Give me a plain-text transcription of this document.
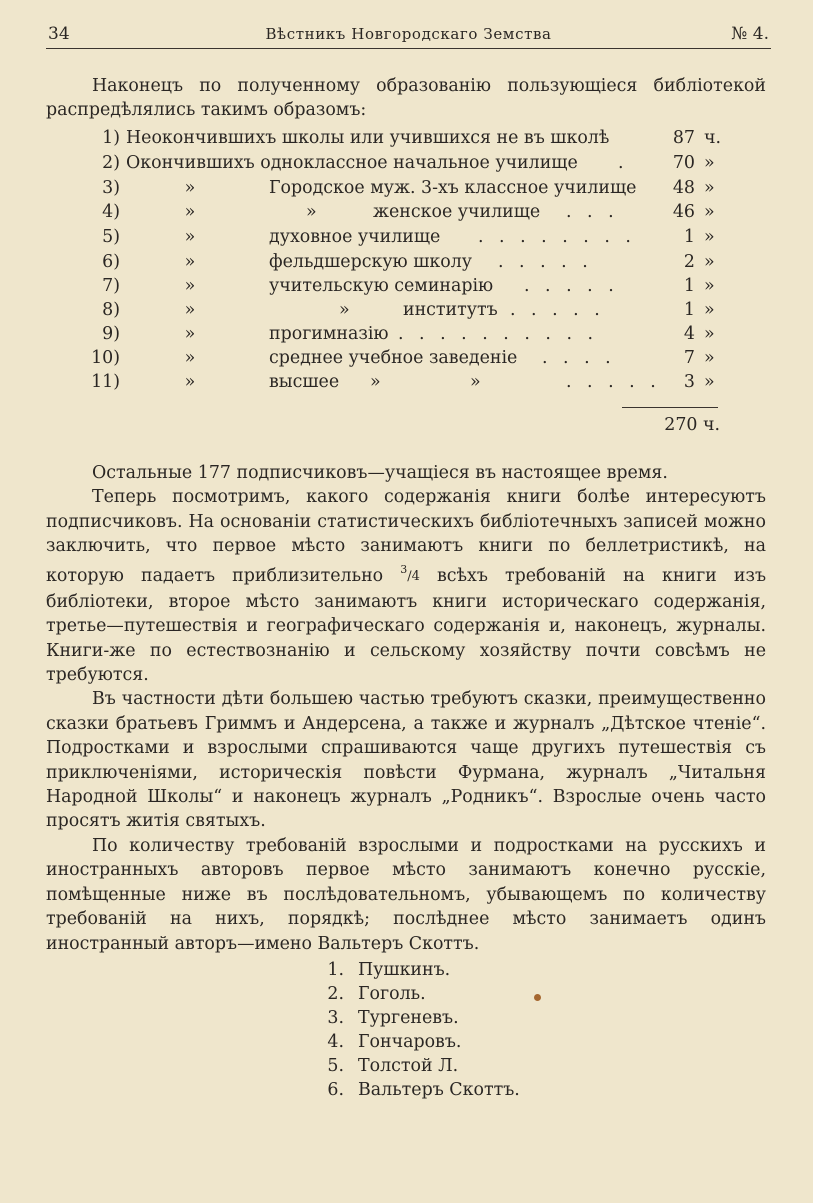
34	Вѣстникъ Новгородскаго Земства	№ 4.

Наконецъ по полученному образованію пользующіеся библіотекой распредѣлялись такимъ образомъ:

1) Неокончившихъ школы или учившихся не въ школѣ	87 ч.
2) Окончившихъ одноклассное начальное училище .	70 »
3)	»	Городское муж. 3-хъ классное училище	48 »
4)	»	»	женское училище . . .	46 »
5)	»	духовное училище . . . . . . . .	1 »
6)	»	фельдшерскую школу . . . . .	2 »
7)	»	учительскую семинарію . . . . .	1 »
8)	»	»	институтъ . . . . .	1 »
9)	»	прогимназію . . . . . . . . . .	4 »
10)	»	среднее учебное заведеніе . . . .	7 »
11)	»	высшее »	»	. . . . .	3 »
270 ч.

Остальные 177 подписчиковъ—учащіеся въ настоящее время.

Теперь посмотримъ, какого содержанія книги болѣе интересуютъ подписчиковъ. На основаніи статистическихъ библіотечныхъ записей можно заключить, что первое мѣсто занимаютъ книги по беллетристикѣ, на которую падаетъ приблизительно $^3$/4 всѣхъ требованій на книги изъ библіотеки, второе мѣсто занимаютъ книги историческаго содержанія, третье—путешествія и географическаго содержанія и, наконецъ, журналы. Книги-же по естествознанію и сельскому хозяйству почти совсѣмъ не требуются.

Въ частности дѣти большею частью требуютъ сказки, преимущественно сказки братьевъ Гриммъ и Андерсена, а также и журналъ „Дѣтское чтеніе“. Подростками и взрослыми спрашиваются чаще другихъ путешествія съ приключеніями, историческія повѣсти Фурмана, журналъ „Читальня Народной Школы“ и наконецъ журналъ „Родникъ“. Взрослые очень часто просятъ житія святыхъ.

По количеству требованій взрослыми и подростками на русскихъ и иностранныхъ авторовъ первое мѣсто занимаютъ конечно русскіе, помѣщенные ниже въ послѣдовательномъ, убывающемъ по количеству требованій на нихъ, порядкѣ; послѣднее мѣсто занимаетъ одинъ иностранный авторъ—имено Вальтеръ Скоттъ.

1. Пушкинъ.
2. Гоголь.
3. Тургеневъ.
4. Гончаровъ.
5. Толстой Л.
6. Вальтеръ Скоттъ.
